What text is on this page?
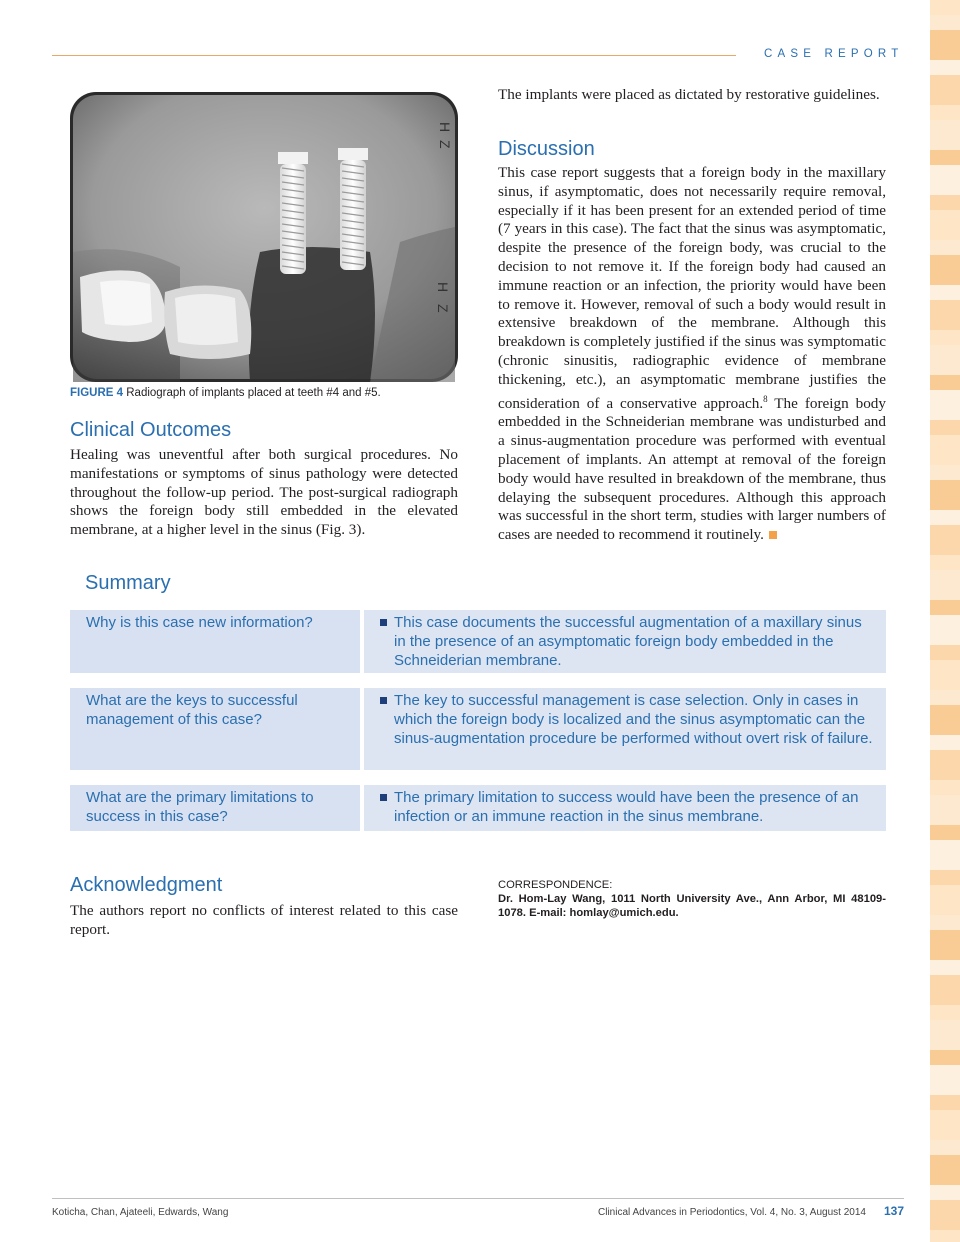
CASE REPORT
H
Z
H
Z
FIGURE 4 Radiograph of implants placed at teeth #4 and #5.
Clinical Outcomes

Healing was uneventful after both surgical procedures. No manifestations or symptoms of sinus pathology were detected throughout the follow-up period. The post-surgical radiograph shows the foreign body still embedded in the elevated membrane, at a higher level in the sinus (Fig. 3).

The implants were placed as dictated by restorative guidelines.

Discussion

This case report suggests that a foreign body in the maxillary sinus, if asymptomatic, does not necessarily require removal, especially if it has been present for an extended period of time (7 years in this case). The fact that the sinus was asymptomatic, despite the presence of the foreign body, was crucial to the decision to not remove it. If the foreign body had caused an immune reaction or an infection, the priority would have been to remove it. However, removal of such a body would result in extensive breakdown of the membrane. Although this breakdown is completely justified if the sinus was symptomatic (chronic sinusitis, radiographic evidence of membrane thickening, etc.), an asymptomatic membrane justifies the consideration of a conservative approach.$^8$ The foreign body embedded in the Schneiderian membrane was undisturbed and a sinus-augmentation procedure was performed with eventual placement of implants. An attempt at removal of the foreign body would have resulted in breakdown of the membrane, thus delaying the subsequent procedures. Although this approach was successful in the short term, studies with larger numbers of cases are needed to recommend it routinely.

Summary
Why is this case new information?	This case documents the successful augmentation of a maxillary sinus in the presence of an asymptomatic foreign body embedded in the Schneiderian membrane.
What are the keys to successful management of this case?
The key to successful management is case selection. Only in cases in which the foreign body is localized and the sinus asymptomatic can the sinus-augmentation procedure be performed without overt risk of failure.
What are the primary limitations to success in this case?
The primary limitation to success would have been the presence of an infection or an immune reaction in the sinus membrane.
Acknowledgment

The authors report no conflicts of interest related to this case report.

CORRESPONDENCE:
Dr. Hom-Lay Wang, 1011 North University Ave., Ann Arbor, MI 48109-1078. E-mail: homlay@umich.edu.
Koticha, Chan, Ajateeli, Edwards, Wang	Clinical Advances in Periodontics, Vol. 4, No. 3, August 2014 137
